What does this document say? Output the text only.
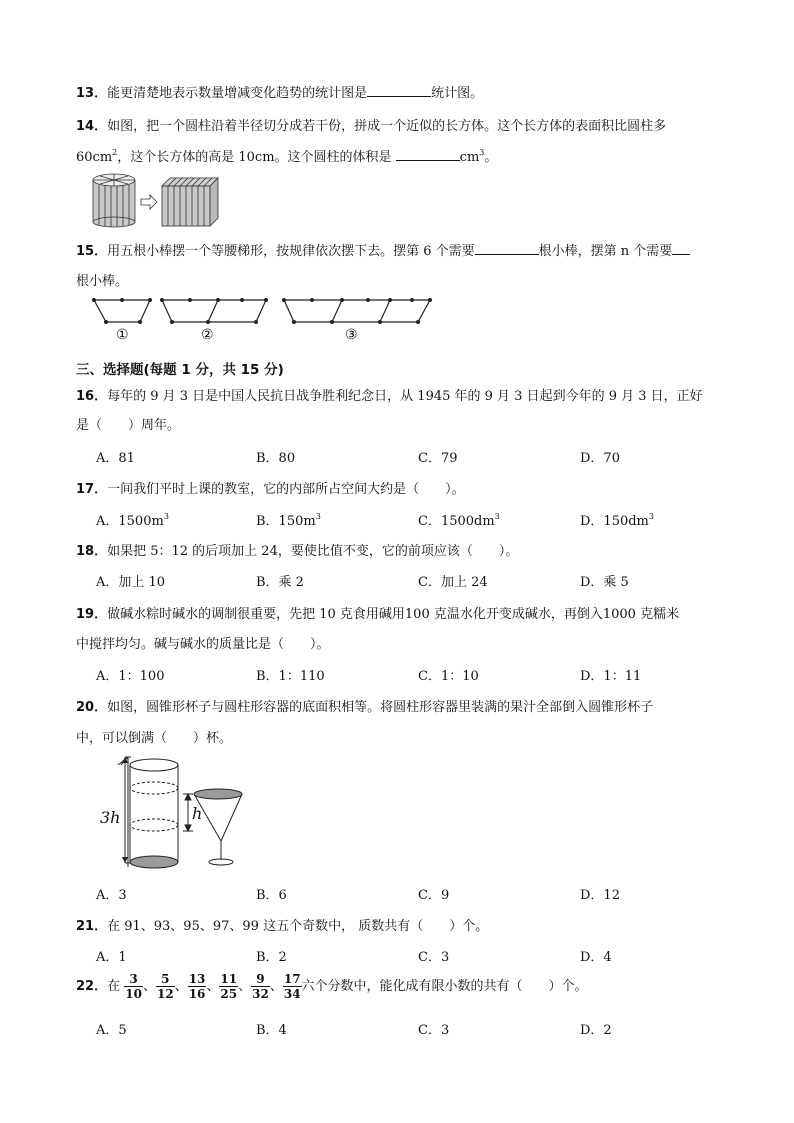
13．能更清楚地表示数量增减变化趋势的统计图是	统计图。
14．如图，把一个圆柱沿着半径切分成若干份，拼成一个近似的长方体。这个长方体的表面积比圆柱多
$60cm^2$，这个长方体的高是 10cm。这个圆柱的体积是	$cm^3$。
15．用五根小棒摆一个等腰梯形，按规律依次摆下去。摆第 6 个需要	根小棒，摆第 n 个需要
根小棒。
①	②	③
三、选择题(每题 1 分，共 15 分)
16．每年的 9 月 3 日是中国人民抗日战争胜利纪念日，从 1945 年的 9 月 3 日起到今年的 9 月 3 日，正好
是（　　）周年。
A．81	B．80	C．79	D．70
17．一间我们平时上课的教室，它的内部所占空间大约是（　　）。
A．$1500m^3$	B．$150m^3$	C．$1500dm^3$	D．$150dm^3$
18．如果把 5：12 的后项加上 24，要使比值不变，它的前项应该（　　）。
A．加上 10	B．乘 2	C．加上 24	D．乘 5
19．做碱水粽时碱水的调制很重要，先把 10 克食用碱用100 克温水化开变成碱水，再倒入1000 克糯米
中搅拌均匀。碱与碱水的质量比是（　　）。
A．1：100	B．1：110	C．1：10	D．1：11
20．如图，圆锥形杯子与圆柱形容器的底面积相等。将圆柱形容器里装满的果汁全部倒入圆锥形杯子
中，可以倒满（　　）杯。
3h	h
A．3	B．6	C．9	D．12
21．在 91、93、95、97、99 这五个奇数中， 质数共有（　　）个。
A．1	B．2	C．3	D．4
22．在 $\frac{3}{10}$ 、 $\frac{5}{12}$ 、 $\frac{13}{16}$ 、 $\frac{11}{25}$ 、 $\frac{9}{32}$ 、 $\frac{17}{34}$ 六个分数中，能化成有限小数的共有（　　）个。
A．5	B．4	C．3	D．2
